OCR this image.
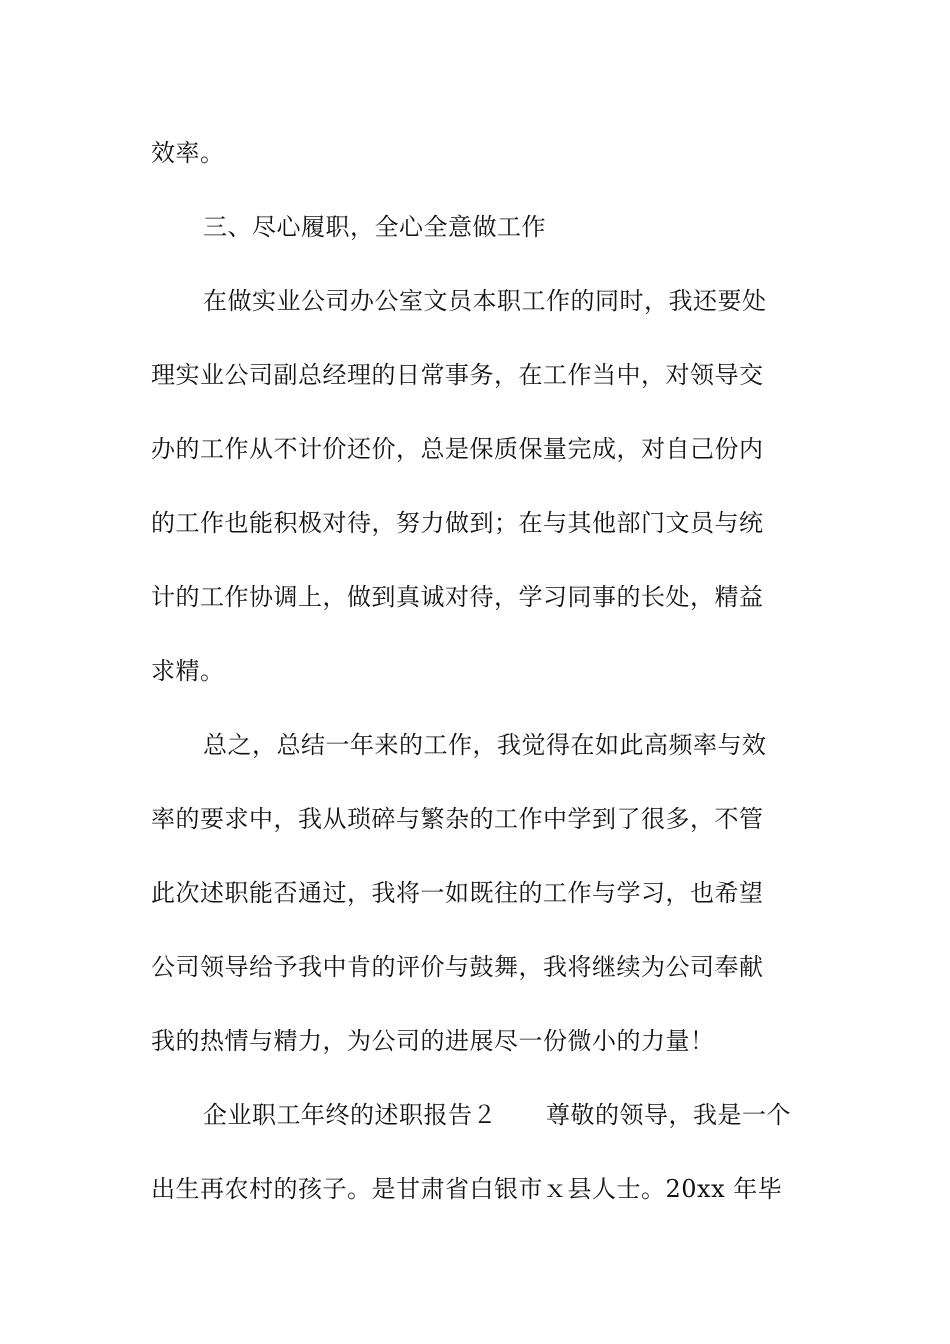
效率。
三、尽心履职，全心全意做工作
在做实业公司办公室文员本职工作的同时，我还要处
理实业公司副总经理的日常事务，在工作当中，对领导交
办的工作从不计价还价，总是保质保量完成，对自己份内
的工作也能积极对待，努力做到；在与其他部门文员与统
计的工作协调上，做到真诚对待，学习同事的长处，精益
求精。
总之，总结一年来的工作，我觉得在如此高频率与效
率的要求中，我从琐碎与繁杂的工作中学到了很多，不管
此次述职能否通过，我将一如既往的工作与学习，也希望
公司领导给予我中肯的评价与鼓舞，我将继续为公司奉献
我的热情与精力，为公司的进展尽一份微小的力量！
企业职工年终的述职报告２　　尊敬的领导，我是一个
出生再农村的孩子。是甘肃省白银市ｘ县人士。20xx 年毕
